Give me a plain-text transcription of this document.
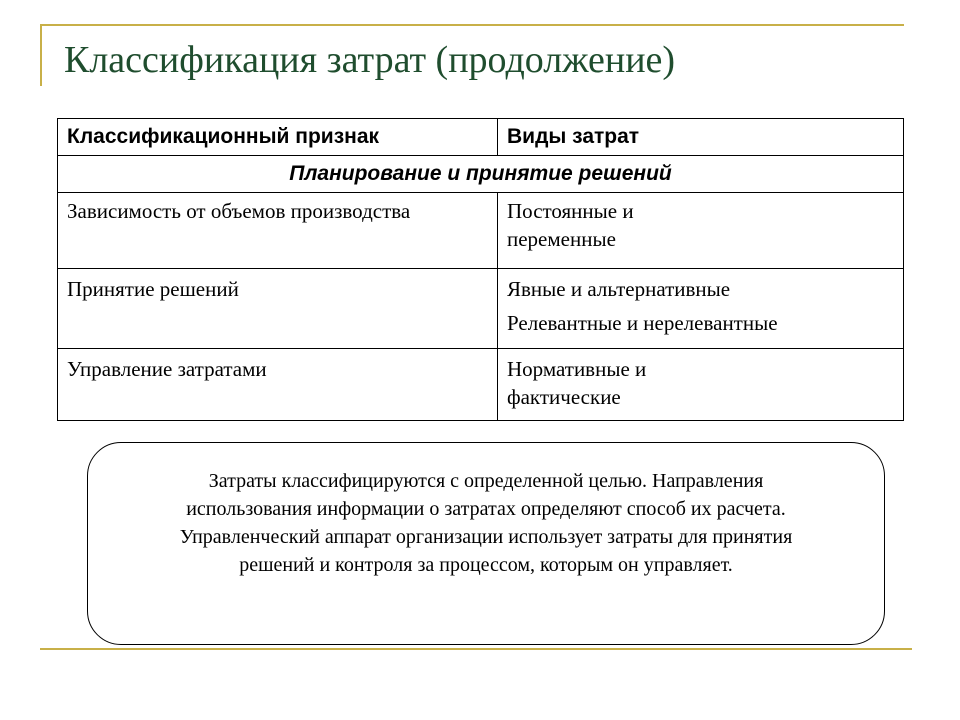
Классификация затрат (продолжение)
Классификационный признак	Виды затрат
Планирование и принятие решений	
Зависимость от объемов производства	Постоянные и
переменные

Принятие решений	Явные и альтернативные
Релевантные и нерелевантные

Управление затратами	Нормативные и
фактические
Затраты классифицируются с определенной целью. Направления
использования информации о затратах определяют способ их расчета.
Управленческий аппарат организации использует затраты для принятия
решений и контроля за процессом, которым он управляет.
